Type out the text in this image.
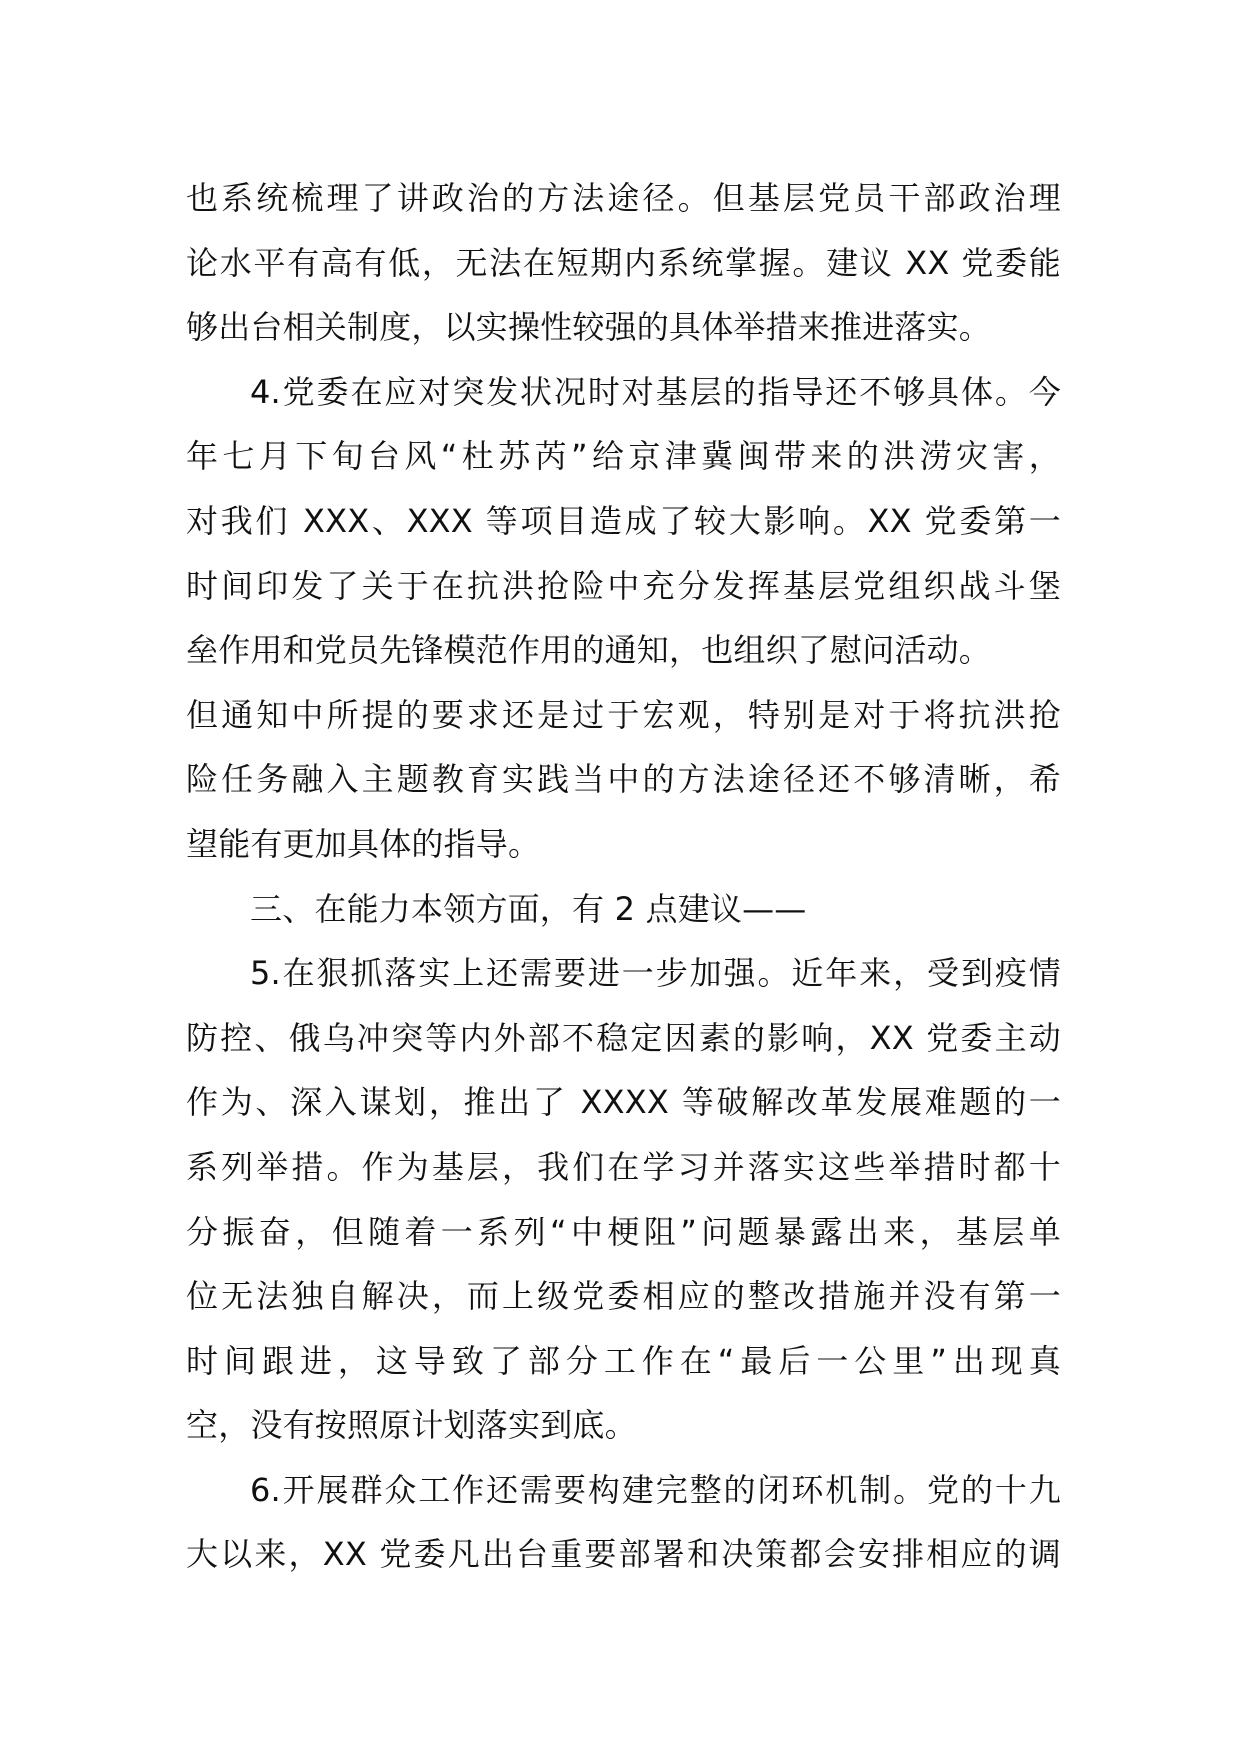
也系统梳理了讲政治的方法途径。但基层党员干部政治理
论水平有高有低，无法在短期内系统掌握。建议 XX 党委能
够出台相关制度，以实操性较强的具体举措来推进落实。
4.党委在应对突发状况时对基层的指导还不够具体。今
年七月下旬台风“杜苏芮”给京津冀闽带来的洪涝灾害，
对我们 XXX、XXX 等项目造成了较大影响。XX 党委第一
时间印发了关于在抗洪抢险中充分发挥基层党组织战斗堡
垒作用和党员先锋模范作用的通知，也组织了慰问活动。
但通知中所提的要求还是过于宏观，特别是对于将抗洪抢
险任务融入主题教育实践当中的方法途径还不够清晰，希
望能有更加具体的指导。
三、在能力本领方面，有 2 点建议——
5.在狠抓落实上还需要进一步加强。近年来，受到疫情
防控、俄乌冲突等内外部不稳定因素的影响，XX 党委主动
作为、深入谋划，推出了 XXXX 等破解改革发展难题的一
系列举措。作为基层，我们在学习并落实这些举措时都十
分振奋，但随着一系列“中梗阻”问题暴露出来，基层单
位无法独自解决，而上级党委相应的整改措施并没有第一
时间跟进，这导致了部分工作在“最后一公里”出现真
空，没有按照原计划落实到底。
6.开展群众工作还需要构建完整的闭环机制。党的十九
大以来，XX 党委凡出台重要部署和决策都会安排相应的调
